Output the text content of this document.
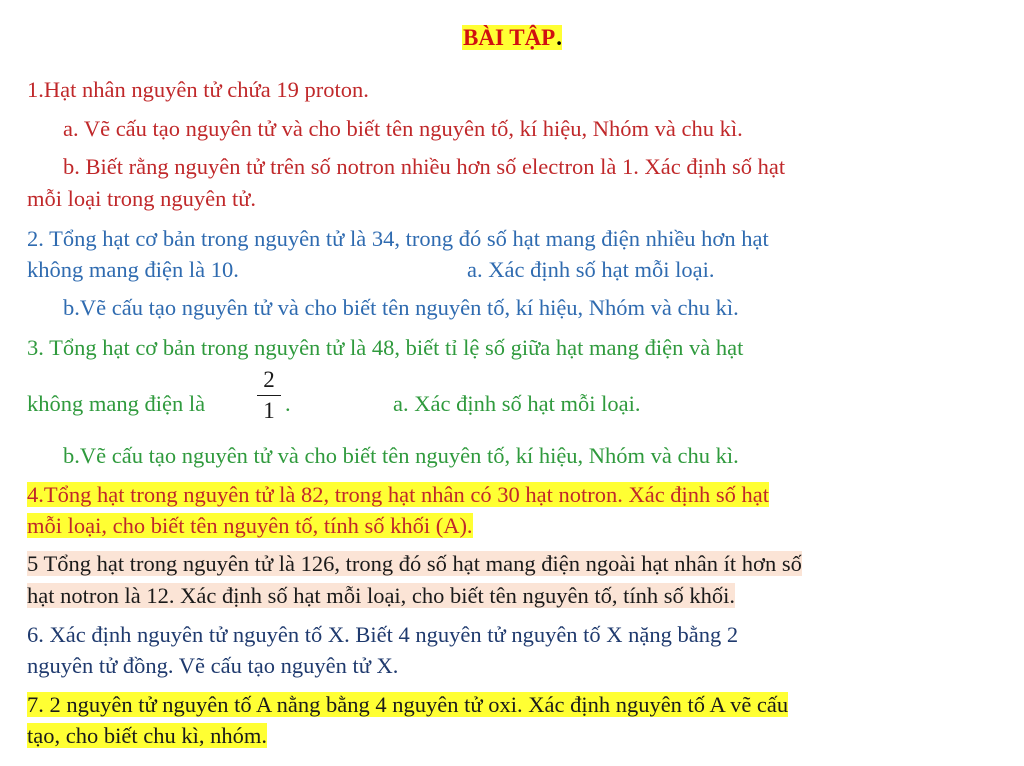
BÀI TẬP.
1.Hạt nhân nguyên tử chứa 19 proton.
a. Vẽ cấu tạo nguyên tử và cho biết tên nguyên tố, kí hiệu, Nhóm và chu kì.
b. Biết rằng nguyên tử trên số notron nhiều hơn số electron là 1. Xác định số hạt
mỗi loại trong nguyên tử.
2. Tổng hạt cơ bản trong nguyên tử là 34, trong đó số hạt mang điện nhiều hơn hạt
không mang điện là 10.	a. Xác định số hạt mỗi loại.
b.Vẽ cấu tạo nguyên tử và cho biết tên nguyên tố, kí hiệu, Nhóm và chu kì.
3. Tổng hạt cơ bản trong nguyên tử là 48, biết tỉ lệ số giữa hạt mang điện và hạt
không mang điện là
2
1 .	a. Xác định số hạt mỗi loại.
b.Vẽ cấu tạo nguyên tử và cho biết tên nguyên tố, kí hiệu, Nhóm và chu kì.
4.Tổng hạt trong nguyên tử là 82, trong hạt nhân có 30 hạt notron. Xác định số hạt
mỗi loại, cho biết tên nguyên tố, tính số khối (A).
5 Tổng hạt trong nguyên tử là 126, trong đó số hạt mang điện ngoài hạt nhân ít hơn số
hạt notron là 12. Xác định số hạt mỗi loại, cho biết tên nguyên tố, tính số khối.
6. Xác định nguyên tử nguyên tố X. Biết 4 nguyên tử nguyên tố X nặng bằng 2
nguyên tử đồng. Vẽ cấu tạo nguyên tử X.
7. 2 nguyên tử nguyên tố A nằng bằng 4 nguyên tử oxi. Xác định nguyên tố A vẽ cấu
tạo, cho biết chu kì, nhóm.
